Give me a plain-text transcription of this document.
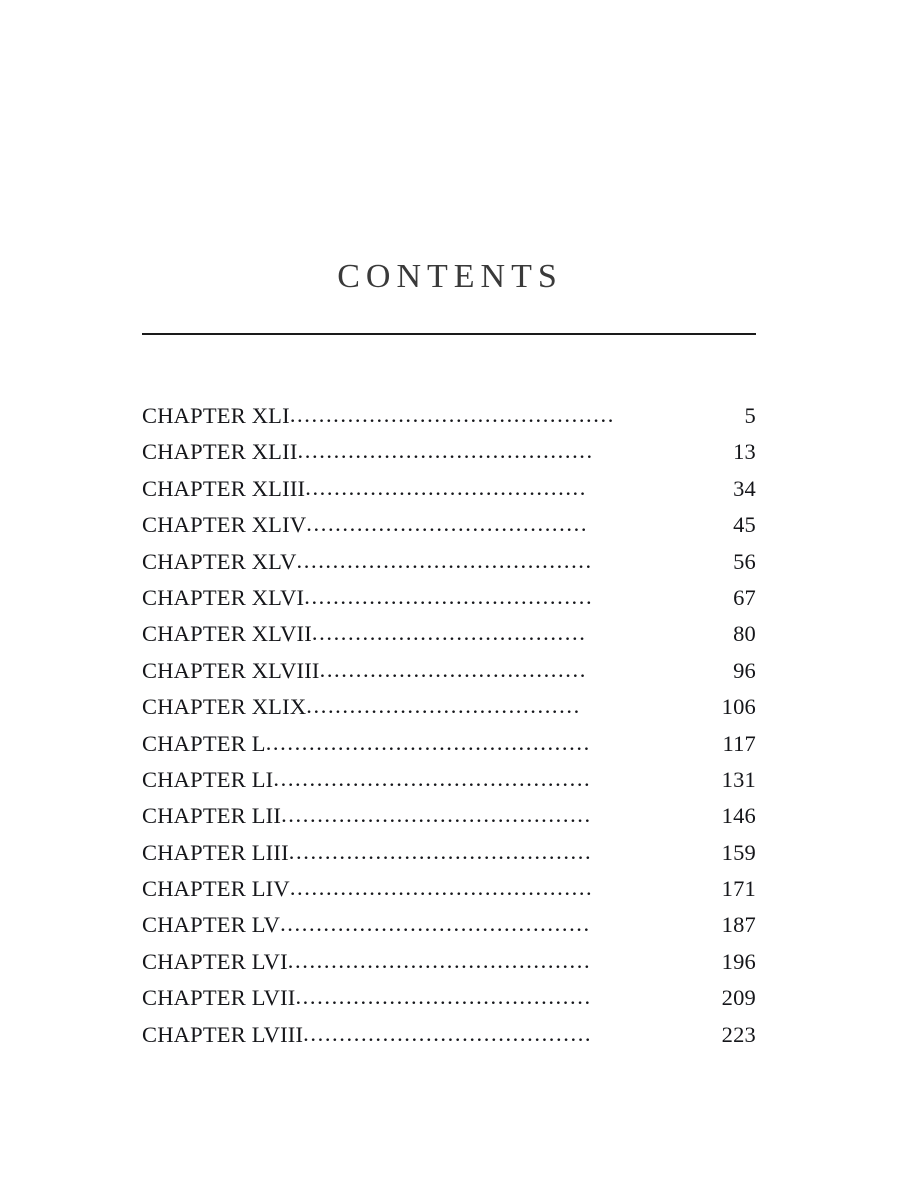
CONTENTS
CHAPTER XLI .............................................	5
CHAPTER XLII .........................................	13
CHAPTER XLIII .......................................	34
CHAPTER XLIV .......................................	45
CHAPTER XLV .........................................	56
CHAPTER XLVI ........................................	67
CHAPTER XLVII ......................................	80
CHAPTER XLVIII .....................................	96
CHAPTER XLIX ......................................	106
CHAPTER L .............................................	117
CHAPTER LI ............................................	131
CHAPTER LII ...........................................	146
CHAPTER LIII ..........................................	159
CHAPTER LIV ..........................................	171
CHAPTER LV ...........................................	187
CHAPTER LVI ..........................................	196
CHAPTER LVII .........................................	209
CHAPTER LVIII ........................................	223
